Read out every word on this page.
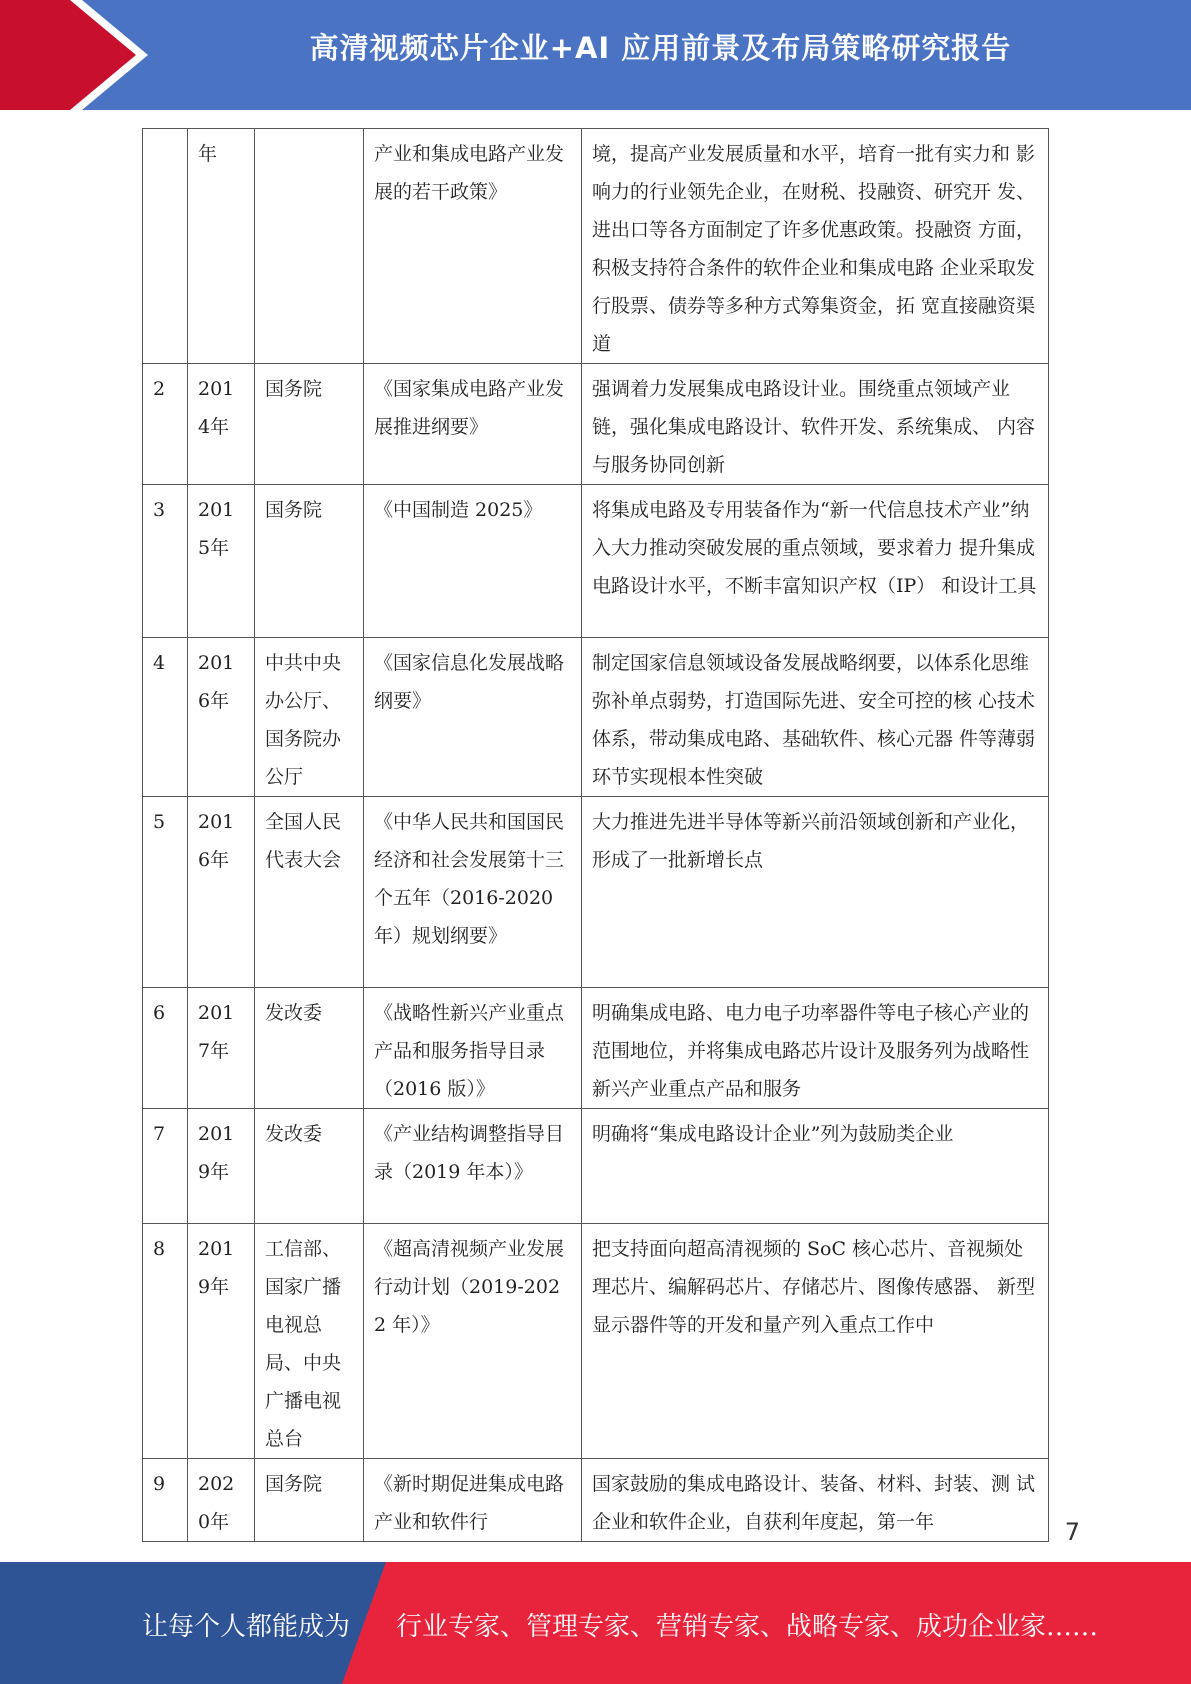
高清视频芯片企业+AI 应用前景及布局策略研究报告
	年		产业和集成电路产业发展的若干政策》	境，提高产业发展质量和水平，培育一批有实力和 影响力的行业领先企业，在财税、投融资、研究开 发、进出口等各方面制定了许多优惠政策。投融资 方面，积极支持符合条件的软件企业和集成电路 企业采取发行股票、债券等多种方式筹集资金，拓 宽直接融资渠道
2	2014年	国务院	《国家集成电路产业发展推进纲要》	强调着力发展集成电路设计业。围绕重点领域产业链，强化集成电路设计、软件开发、系统集成、 内容与服务协同创新
3	2015年	国务院	《中国制造 2025》	将集成电路及专用装备作为“新一代信息技术产业”纳入大力推动突破发展的重点领域，要求着力 提升集成电路设计水平，不断丰富知识产权（IP） 和设计工具
4	2016年	中共中央办公厅、国务院办公厅	《国家信息化发展战略纲要》	制定国家信息领域设备发展战略纲要，以体系化思维弥补单点弱势，打造国际先进、安全可控的核 心技术体系，带动集成电路、基础软件、核心元器 件等薄弱环节实现根本性突破
5	2016年	全国人民代表大会	《中华人民共和国国民经济和社会发展第十三个五年（2016-2020 年）规划纲要》	大力推进先进半导体等新兴前沿领域创新和产业化，形成了一批新增长点
6	2017年	发改委	《战略性新兴产业重点产品和服务指导目录（2016 版）》	明确集成电路、电力电子功率器件等电子核心产业的范围地位，并将集成电路芯片设计及服务列为战略性新兴产业重点产品和服务
7	2019年	发改委	《产业结构调整指导目录（2019 年本）》	明确将“集成电路设计企业”列为鼓励类企业
8	2019年	工信部、国家广播电视总局、中央广播电视总台	《超高清视频产业发展行动计划（2019-2022 年）》	把支持面向超高清视频的 SoC 核心芯片、音视频处理芯片、编解码芯片、存储芯片、图像传感器、 新型显示器件等的开发和量产列入重点工作中
9	2020年	国务院	《新时期促进集成电路产业和软件行	国家鼓励的集成电路设计、装备、材料、封装、测 试企业和软件企业，自获利年度起，第一年	7
让每个人都能成为 行业专家、管理专家、营销专家、战略专家、成功企业家……
